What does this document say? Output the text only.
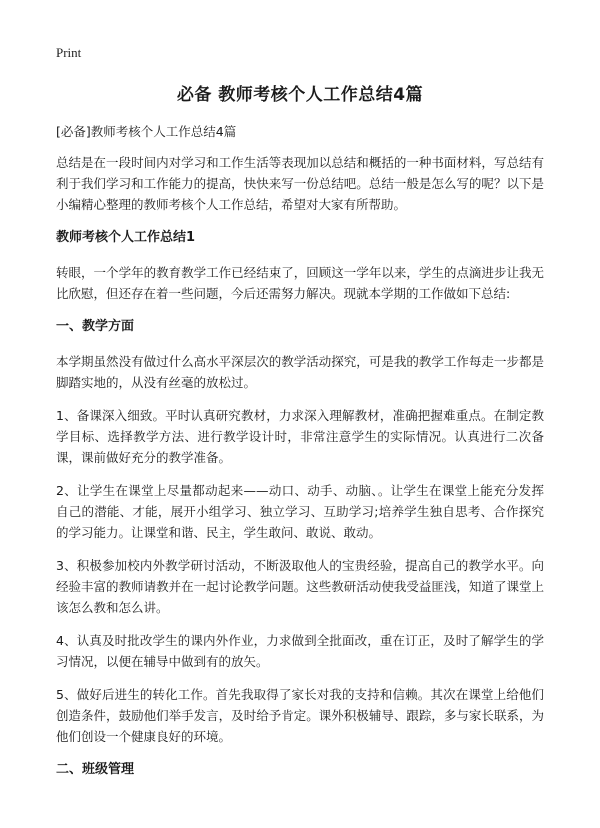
Print
必备 教师考核个人工作总结4篇

[必备]教师考核个人工作总结4篇

总结是在一段时间内对学习和工作生活等表现加以总结和概括的一种书面材料，写总结有利于我们学习和工作能力的提高，快快来写一份总结吧。总结一般是怎么写的呢？以下是小编精心整理的教师考核个人工作总结，希望对大家有所帮助。

教师考核个人工作总结1

转眼，一个学年的教育教学工作已经结束了，回顾这一学年以来，学生的点滴进步让我无比欣慰，但还存在着一些问题，今后还需努力解决。现就本学期的工作做如下总结:

一、教学方面

本学期虽然没有做过什么高水平深层次的教学活动探究，可是我的教学工作每走一步都是脚踏实地的，从没有丝毫的放松过。

1、备课深入细致。平时认真研究教材，力求深入理解教材，准确把握难重点。在制定教学目标、选择教学方法、进行教学设计时，非常注意学生的实际情况。认真进行二次备课，课前做好充分的教学准备。

2、让学生在课堂上尽量都动起来——动口、动手、动脑、。让学生在课堂上能充分发挥自己的潜能、才能，展开小组学习、独立学习、互助学习;培养学生独自思考、合作探究的学习能力。让课堂和谐、民主，学生敢问、敢说、敢动。

3、积极参加校内外教学研讨活动，不断汲取他人的宝贵经验，提高自己的教学水平。向经验丰富的教师请教并在一起讨论教学问题。这些教研活动使我受益匪浅，知道了课堂上该怎么教和怎么讲。

4、认真及时批改学生的课内外作业，力求做到全批面改，重在订正，及时了解学生的学习情况，以便在辅导中做到有的放矢。

5、做好后进生的转化工作。首先我取得了家长对我的支持和信赖。其次在课堂上给他们创造条件，鼓励他们举手发言，及时给予肯定。课外积极辅导、跟踪，多与家长联系，为他们创设一个健康良好的环境。

二、班级管理
